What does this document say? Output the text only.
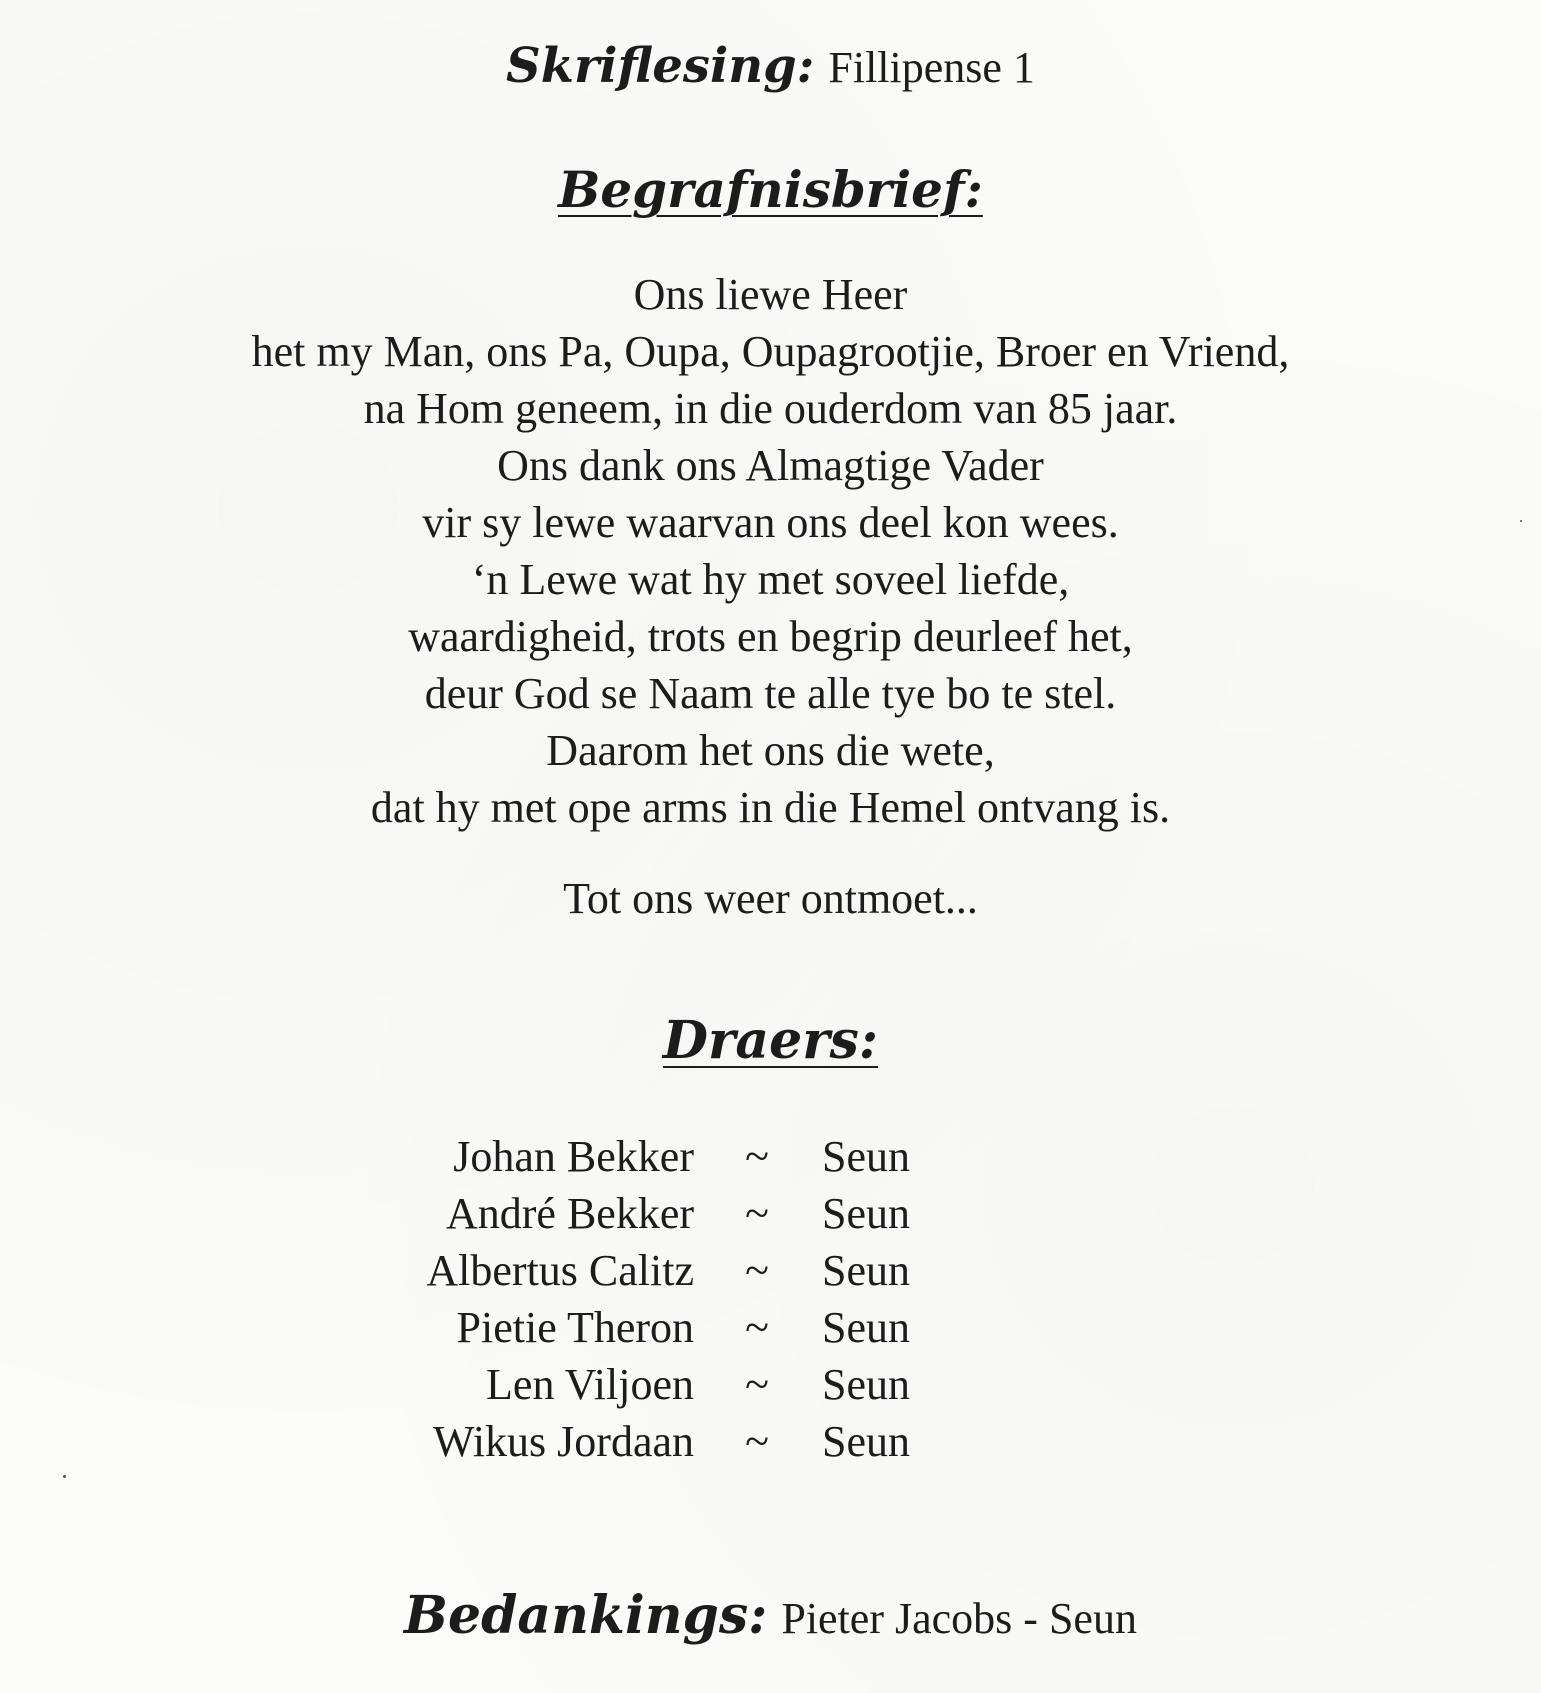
Skriflesing: Fillipense 1
Begrafnisbrief:
Ons liewe Heer
het my Man, ons Pa, Oupa, Oupagrootjie, Broer en Vriend,
na Hom geneem, in die ouderdom van 85 jaar.
Ons dank ons Almagtige Vader
vir sy lewe waarvan ons deel kon wees.
‘n Lewe wat hy met soveel liefde,
waardigheid, trots en begrip deurleef het,
deur God se Naam te alle tye bo te stel.
Daarom het ons die wete,
dat hy met ope arms in die Hemel ontvang is.
Tot ons weer ontmoet...
Draers:
Johan Bekker ~ Seun
André Bekker ~ Seun
Albertus Calitz ~ Seun
Pietie Theron ~ Seun
Len Viljoen ~ Seun
Wikus Jordaan ~ Seun
Bedankings: Pieter Jacobs - Seun
